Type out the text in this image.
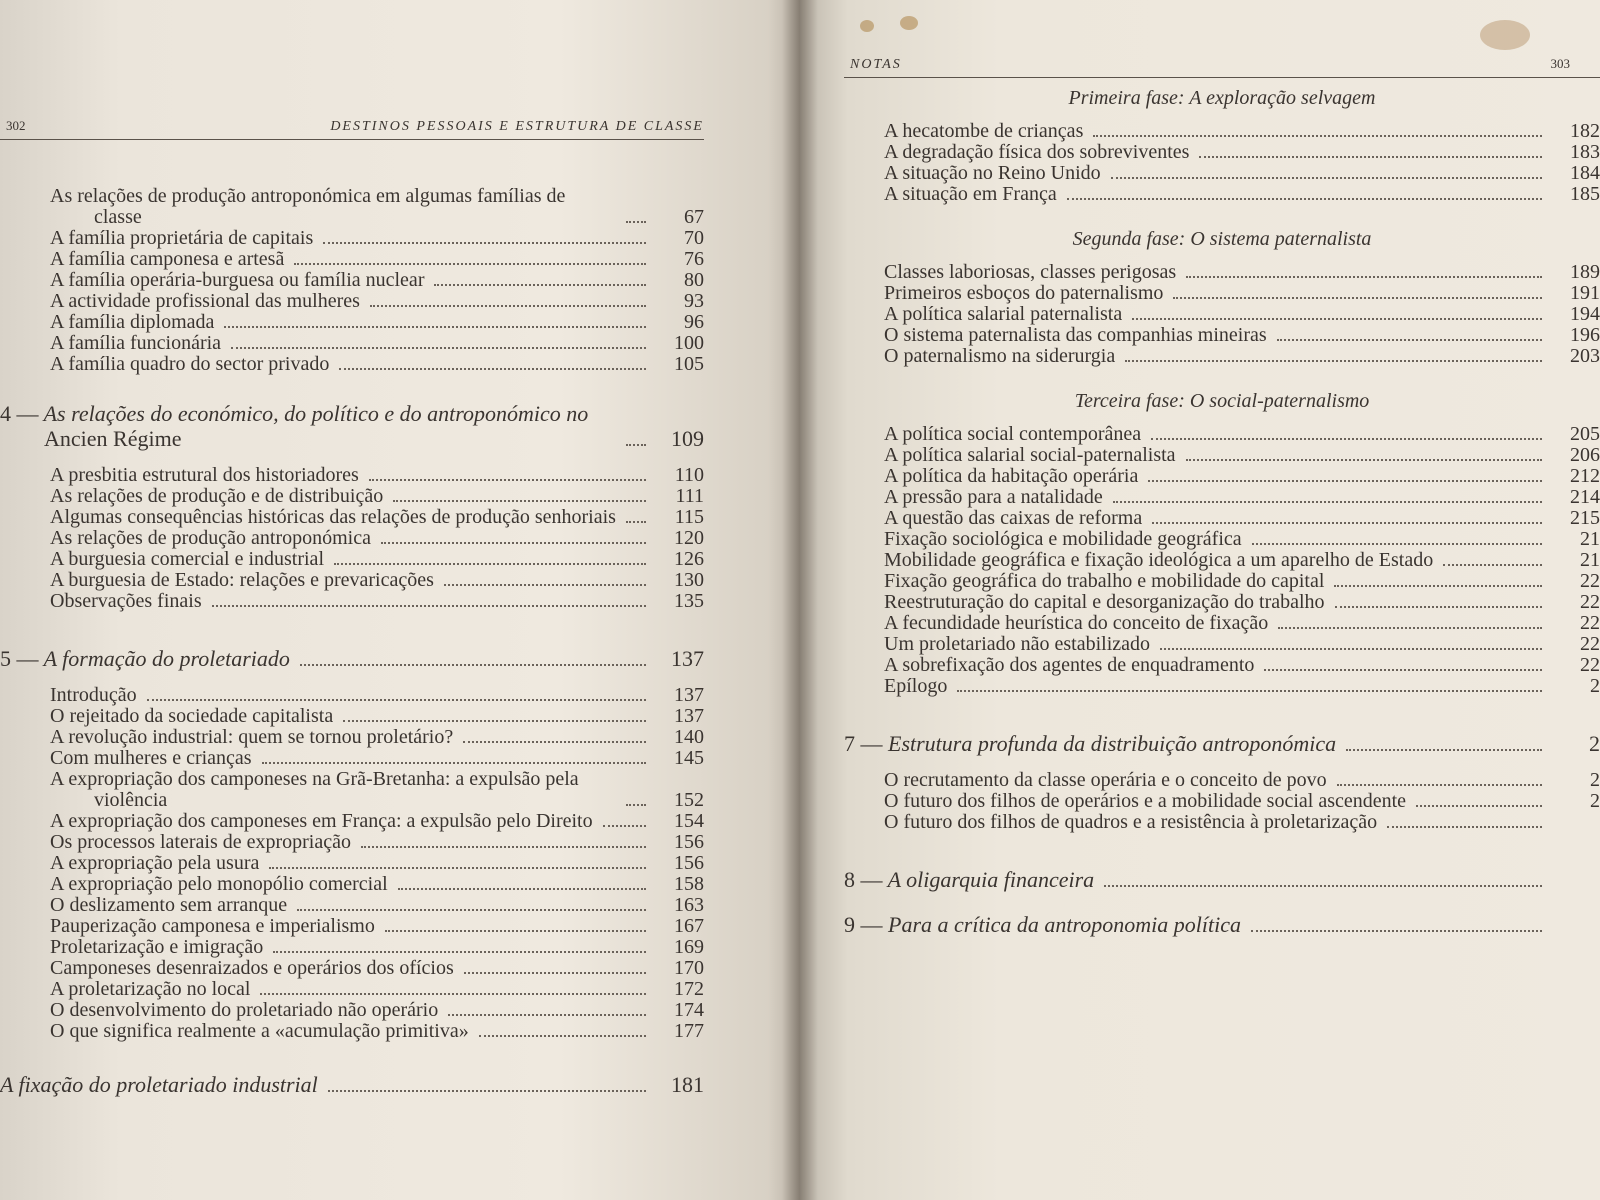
302	DESTINOS PESSOAIS E ESTRUTURA DE CLASSE
As relações de produção antroponómica em algumas famílias de classe	67
A família proprietária de capitais	70
A família camponesa e artesã	76
A família operária-burguesa ou família nuclear	80
A actividade profissional das mulheres	93
A família diplomada	96
A família funcionária	100
A família quadro do sector privado	105
4 — As relações do económico, do político e do antroponómico no Ancien Régime	109
A presbitia estrutural dos historiadores	110
As relações de produção e de distribuição	111
Algumas consequências históricas das relações de produção senhoriais	115
As relações de produção antroponómica	120
A burguesia comercial e industrial	126
A burguesia de Estado: relações e prevaricações	130
Observações finais	135
5 — A formação do proletariado	137
Introdução	137
O rejeitado da sociedade capitalista	137
A revolução industrial: quem se tornou proletário?	140
Com mulheres e crianças	145
A expropriação dos camponeses na Grã-Bretanha: a expulsão pela violência	152
A expropriação dos camponeses em França: a expulsão pelo Direito	154
Os processos laterais de expropriação	156
A expropriação pela usura	156
A expropriação pelo monopólio comercial	158
O deslizamento sem arranque	163
Pauperização camponesa e imperialismo	167
Proletarização e imigração	169
Camponeses desenraizados e operários dos ofícios	170
A proletarização no local	172
O desenvolvimento do proletariado não operário	174
O que significa realmente a «acumulação primitiva»	177
A fixação do proletariado industrial	181
NOTAS	303
Primeira fase: A exploração selvagem
A hecatombe de crianças	182
A degradação física dos sobreviventes	183
A situação no Reino Unido	184
A situação em França	185
Segunda fase: O sistema paternalista
Classes laboriosas, classes perigosas	189
Primeiros esboços do paternalismo	191
A política salarial paternalista	194
O sistema paternalista das companhias mineiras	196
O paternalismo na siderurgia	203
Terceira fase: O social-paternalismo
A política social contemporânea	205
A política salarial social-paternalista	206
A política da habitação operária	212
A pressão para a natalidade	214
A questão das caixas de reforma	215
Fixação sociológica e mobilidade geográfica	21
Mobilidade geográfica e fixação ideológica a um aparelho de Estado	21
Fixação geográfica do trabalho e mobilidade do capital	22
Reestruturação do capital e desorganização do trabalho	22
A fecundidade heurística do conceito de fixação	22
Um proletariado não estabilizado	22
A sobrefixação dos agentes de enquadramento	22
Epílogo	2
7 — Estrutura profunda da distribuição antroponómica	2
O recrutamento da classe operária e o conceito de povo	2
O futuro dos filhos de operários e a mobilidade social ascendente	2
O futuro dos filhos de quadros e a resistência à proletarização
8 — A oligarquia financeira
9 — Para a crítica da antroponomia política
